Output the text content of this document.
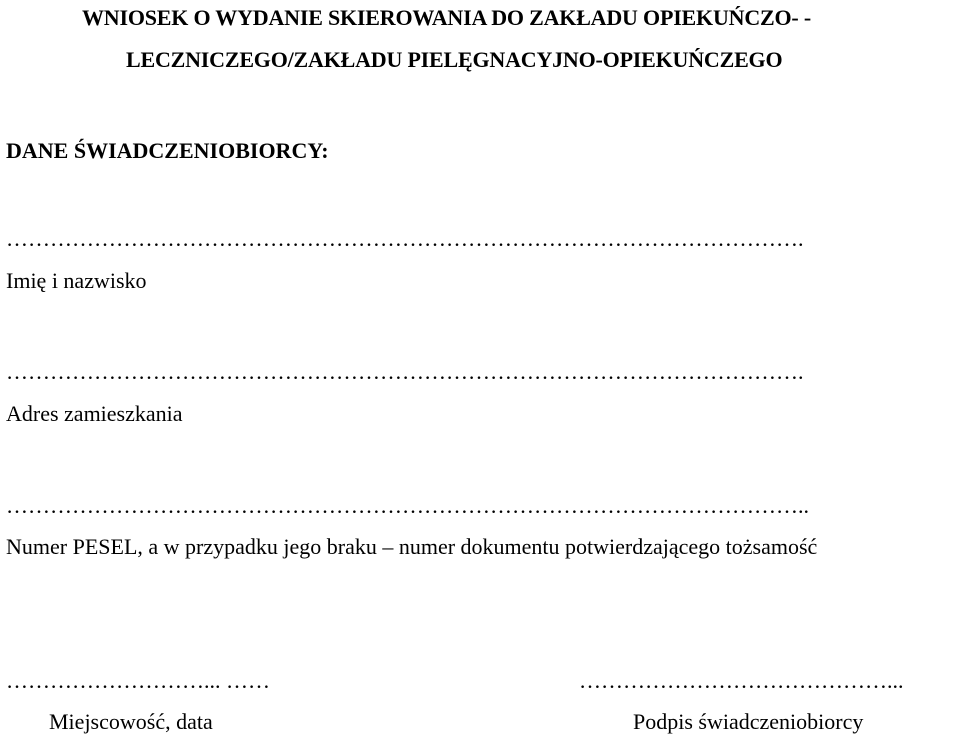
WNIOSEK O WYDANIE SKIEROWANIA DO ZAKŁADU OPIEKUŃCZO- -
LECZNICZEGO/ZAKŁADU PIELĘGNACYJNO-OPIEKUŃCZEGO
DANE ŚWIADCZENIOBIORCY:
……………………………………………………………………………………………….
Imię i nazwisko
……………………………………………………………………………………………….
Adres zamieszkania
………………………………………………………………………………………………..
Numer PESEL, a w przypadku jego braku – numer dokumentu potwierdzającego tożsamość
………………………... ……
Miejscowość, data
……………………………………...
Podpis świadczeniobiorcy
